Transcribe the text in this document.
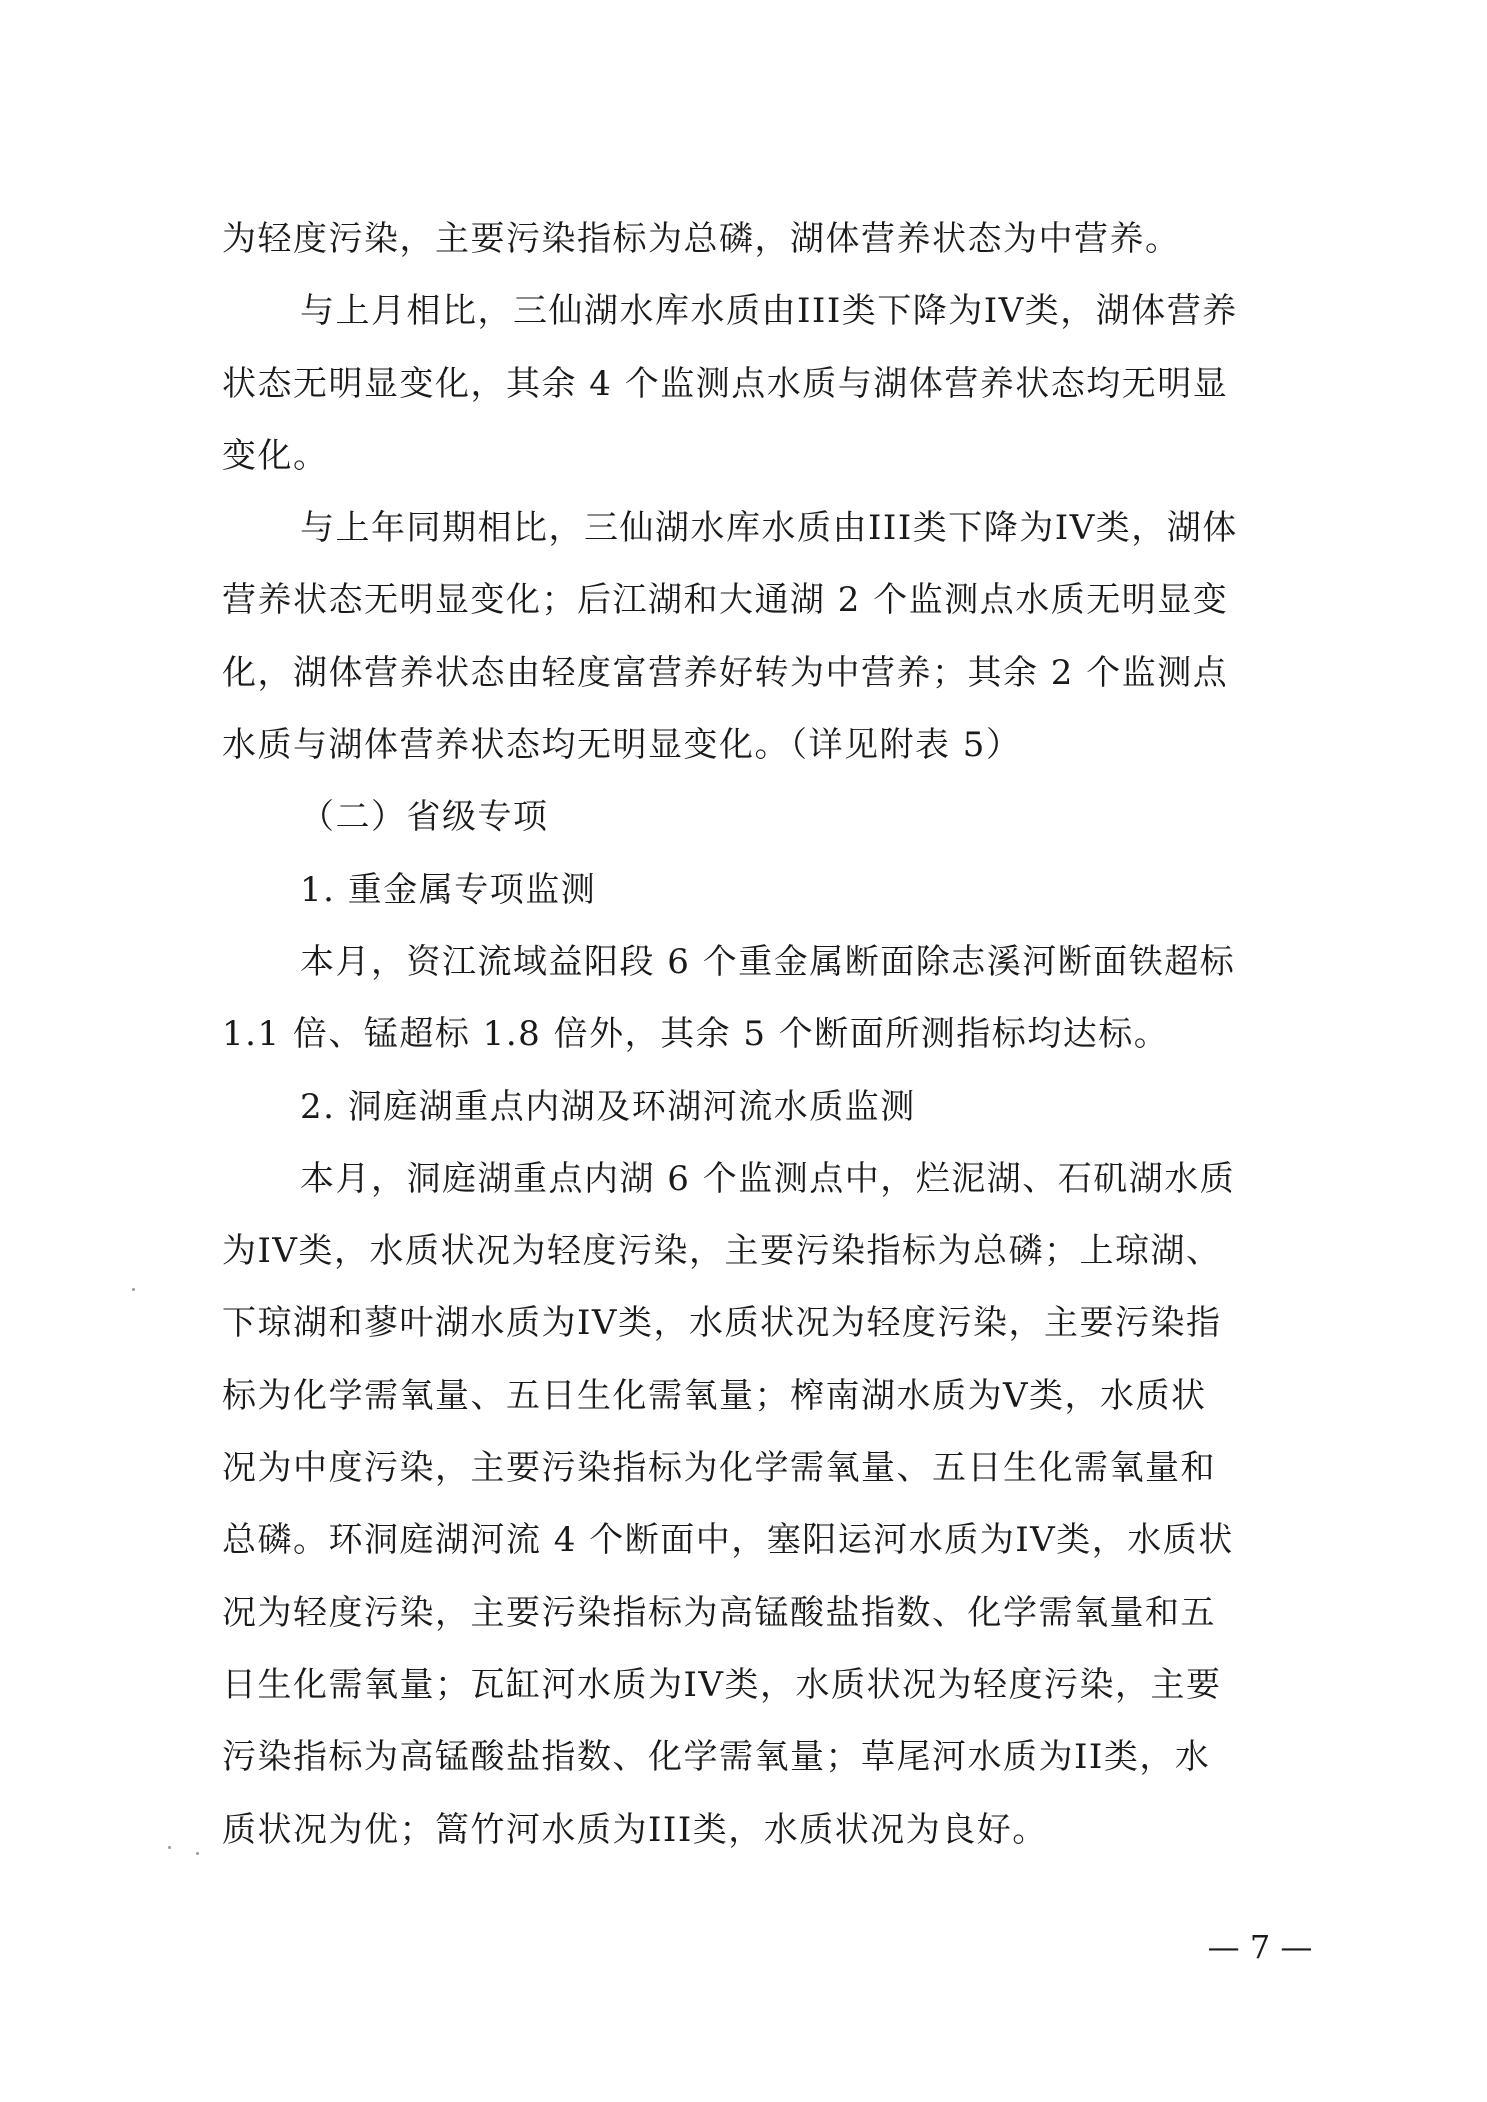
为轻度污染，主要污染指标为总磷，湖体营养状态为中营养。
与上月相比，三仙湖水库水质由III类下降为IV类，湖体营养
状态无明显变化，其余 4 个监测点水质与湖体营养状态均无明显
变化。
与上年同期相比，三仙湖水库水质由III类下降为IV类，湖体
营养状态无明显变化；后江湖和大通湖 2 个监测点水质无明显变
化，湖体营养状态由轻度富营养好转为中营养；其余 2 个监测点
水质与湖体营养状态均无明显变化。（详见附表 5）
（二）省级专项
1. 重金属专项监测
本月，资江流域益阳段 6 个重金属断面除志溪河断面铁超标
1.1 倍、锰超标 1.8 倍外，其余 5 个断面所测指标均达标。
2. 洞庭湖重点内湖及环湖河流水质监测
本月，洞庭湖重点内湖 6 个监测点中，烂泥湖、石矶湖水质
为IV类，水质状况为轻度污染，主要污染指标为总磷；上琼湖、
下琼湖和蓼叶湖水质为IV类，水质状况为轻度污染，主要污染指
标为化学需氧量、五日生化需氧量；榨南湖水质为V类，水质状
况为中度污染，主要污染指标为化学需氧量、五日生化需氧量和
总磷。环洞庭湖河流 4 个断面中，塞阳运河水质为IV类，水质状
况为轻度污染，主要污染指标为高锰酸盐指数、化学需氧量和五
日生化需氧量；瓦缸河水质为IV类，水质状况为轻度污染，主要
污染指标为高锰酸盐指数、化学需氧量；草尾河水质为II类，水
质状况为优；篙竹河水质为III类，水质状况为良好。
— 7 —
